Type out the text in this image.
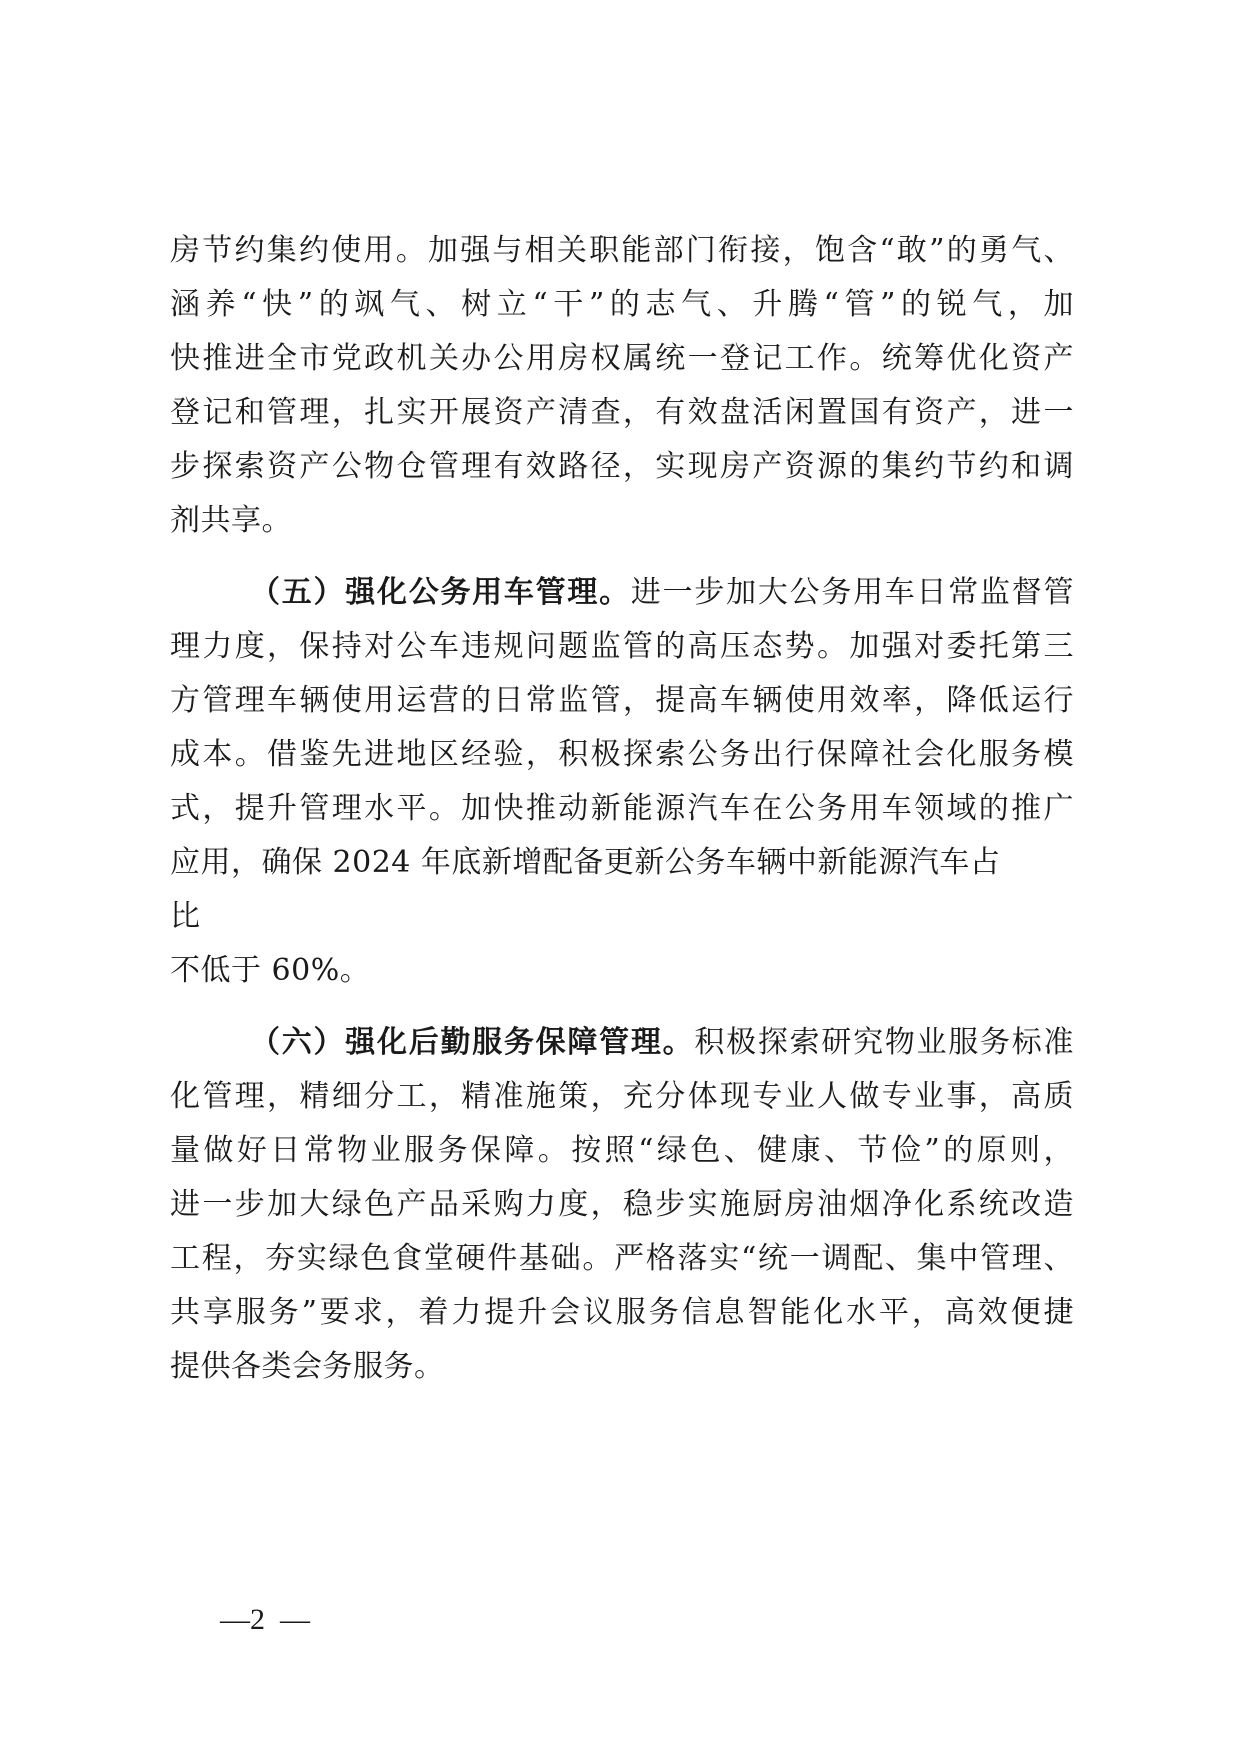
房节约集约使用。加强与相关职能部门衔接，饱含“敢”的勇气、
涵养“快”的飒气、树立“干”的志气、升腾“管”的锐气，加
快推进全市党政机关办公用房权属统一登记工作。统筹优化资产
登记和管理，扎实开展资产清查，有效盘活闲置国有资产，进一
步探索资产公物仓管理有效路径，实现房产资源的集约节约和调
剂共享。
（五）强化公务用车管理。进一步加大公务用车日常监督管
理力度，保持对公车违规问题监管的高压态势。加强对委托第三
方管理车辆使用运营的日常监管，提高车辆使用效率，降低运行
成本。借鉴先进地区经验，积极探索公务出行保障社会化服务模
式，提升管理水平。加快推动新能源汽车在公务用车领域的推广
应用，确保 2024 年底新增配备更新公务车辆中新能源汽车占
比
不低于 60%。
（六）强化后勤服务保障管理。积极探索研究物业服务标准
化管理，精细分工，精准施策，充分体现专业人做专业事，高质
量做好日常物业服务保障。按照“绿色、健康、节俭”的原则，
进一步加大绿色产品采购力度，稳步实施厨房油烟净化系统改造
工程，夯实绿色食堂硬件基础。严格落实“统一调配、集中管理、
共享服务”要求，着力提升会议服务信息智能化水平，高效便捷
提供各类会务服务。
—2  —
